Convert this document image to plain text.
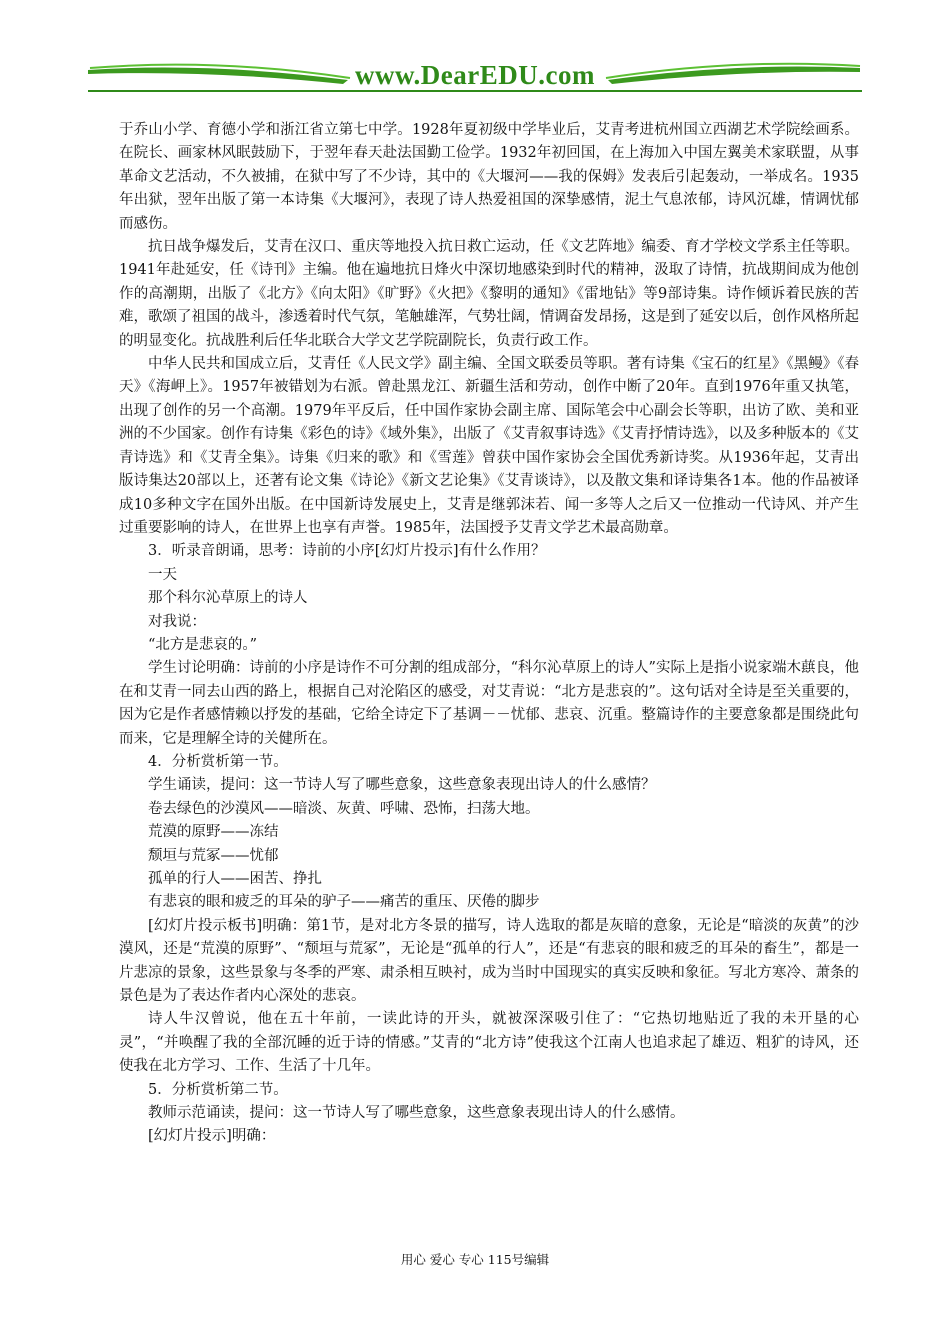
www.DearEDU.com

于乔山小学、育德小学和浙江省立第七中学。1928年夏初级中学毕业后，艾青考进杭州国立西湖艺术学院绘画系。在院长、画家林风眠鼓励下，于翌年春天赴法国勤工俭学。1932年初回国，在上海加入中国左翼美术家联盟，从事革命文艺活动，不久被捕，在狱中写了不少诗，其中的《大堰河——我的保姆》发表后引起轰动，一举成名。1935年出狱，翌年出版了第一本诗集《大堰河》，表现了诗人热爱祖国的深挚感情，泥土气息浓郁，诗风沉雄，情调忧郁而感伤。

抗日战争爆发后，艾青在汉口、重庆等地投入抗日救亡运动，任《文艺阵地》编委、育才学校文学系主任等职。1941年赴延安，任《诗刊》主编。他在遍地抗日烽火中深切地感染到时代的精神，汲取了诗情，抗战期间成为他创作的高潮期，出版了《北方》《向太阳》《旷野》《火把》《黎明的通知》《雷地钻》等9部诗集。诗作倾诉着民族的苦难，歌颂了祖国的战斗，渗透着时代气氛，笔触雄浑，气势壮阔，情调奋发昂扬，这是到了延安以后，创作风格所起的明显变化。抗战胜利后任华北联合大学文艺学院副院长，负责行政工作。

中华人民共和国成立后，艾青任《人民文学》副主编、全国文联委员等职。著有诗集《宝石的红星》《黑鳗》《春天》《海岬上》。1957年被错划为右派。曾赴黑龙江、新疆生活和劳动，创作中断了20年。直到1976年重又执笔，出现了创作的另一个高潮。1979年平反后，任中国作家协会副主席、国际笔会中心副会长等职，出访了欧、美和亚洲的不少国家。创作有诗集《彩色的诗》《域外集》，出版了《艾青叙事诗选》《艾青抒情诗选》，以及多种版本的《艾青诗选》和《艾青全集》。诗集《归来的歌》和《雪莲》曾获中国作家协会全国优秀新诗奖。从1936年起，艾青出版诗集达20部以上，还著有论文集《诗论》《新文艺论集》《艾青谈诗》，以及散文集和译诗集各1本。他的作品被译成10多种文字在国外出版。在中国新诗发展史上，艾青是继郭沫若、闻一多等人之后又一位推动一代诗风、并产生过重要影响的诗人，在世界上也享有声誉。1985年，法国授予艾青文学艺术最高勋章。

3．听录音朗诵，思考：诗前的小序[幻灯片投示]有什么作用？

一天

那个科尔沁草原上的诗人

对我说：

“北方是悲哀的。”

学生讨论明确：诗前的小序是诗作不可分割的组成部分，“科尔沁草原上的诗人”实际上是指小说家端木蕻良，他在和艾青一同去山西的路上，根据自己对沦陷区的感受，对艾青说：“北方是悲哀的”。这句话对全诗是至关重要的，因为它是作者感情赖以抒发的基础，它给全诗定下了基调－－忧郁、悲哀、沉重。整篇诗作的主要意象都是围绕此句而来，它是理解全诗的关健所在。

4．分析赏析第一节。

学生诵读，提问：这一节诗人写了哪些意象，这些意象表现出诗人的什么感情？

卷去绿色的沙漠风——暗淡、灰黄、呼啸、恐怖，扫荡大地。

荒漠的原野——冻结

颓垣与荒冢——忧郁

孤单的行人——困苦、挣扎

有悲哀的眼和疲乏的耳朵的驴子——痛苦的重压、厌倦的脚步

[幻灯片投示板书]明确：第1节，是对北方冬景的描写，诗人选取的都是灰暗的意象，无论是“暗淡的灰黄”的沙漠风，还是“荒漠的原野”、“颓垣与荒冢”，无论是“孤单的行人”，还是“有悲哀的眼和疲乏的耳朵的畜生”，都是一片悲凉的景象，这些景象与冬季的严寒、肃杀相互映衬，成为当时中国现实的真实反映和象征。写北方寒冷、萧条的景色是为了表达作者内心深处的悲哀。

诗人牛汉曾说，他在五十年前，一读此诗的开头，就被深深吸引住了：“它热切地贴近了我的未开垦的心灵”，“并唤醒了我的全部沉睡的近于诗的情感。”艾青的“北方诗”使我这个江南人也追求起了雄迈、粗犷的诗风，还使我在北方学习、工作、生活了十几年。

5．分析赏析第二节。

教师示范诵读，提问：这一节诗人写了哪些意象，这些意象表现出诗人的什么感情。

[幻灯片投示]明确：

用心 爱心 专心 115号编辑
